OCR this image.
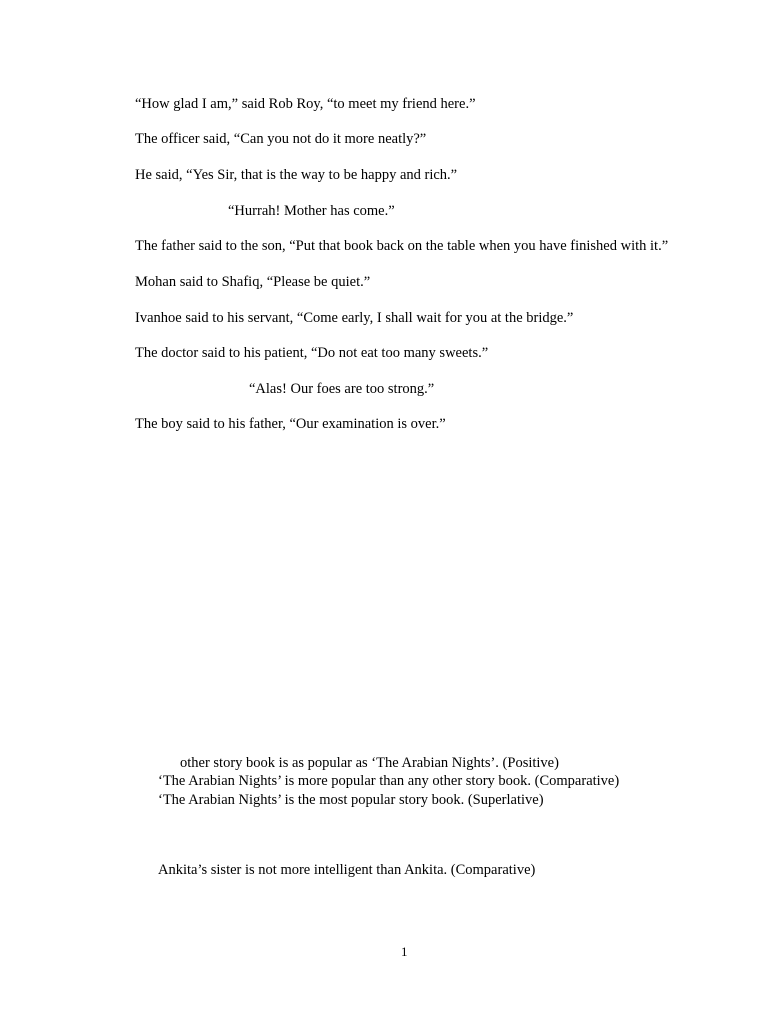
“How glad I am,” said Rob Roy, “to meet my friend here.”
The officer said, “Can you not do it more neatly?”
He said, “Yes Sir, that is the way to be happy and rich.”
“Hurrah! Mother has come.”
The father said to the son, “Put that book back on the table when you have finished with it.”
Mohan said to Shafiq, “Please be quiet.”
Ivanhoe said to his servant, “Come early, I shall wait for you at the bridge.”
The doctor said to his patient, “Do not eat too many sweets.”
“Alas! Our foes are too strong.”
The boy said to his father, “Our examination is over.”
other story book is as popular as ‘The Arabian Nights’. (Positive)
‘The Arabian Nights’ is more popular than any other story book. (Comparative)
‘The Arabian Nights’ is the most popular story book. (Superlative)
Ankita’s sister is not more intelligent than Ankita. (Comparative)
1
